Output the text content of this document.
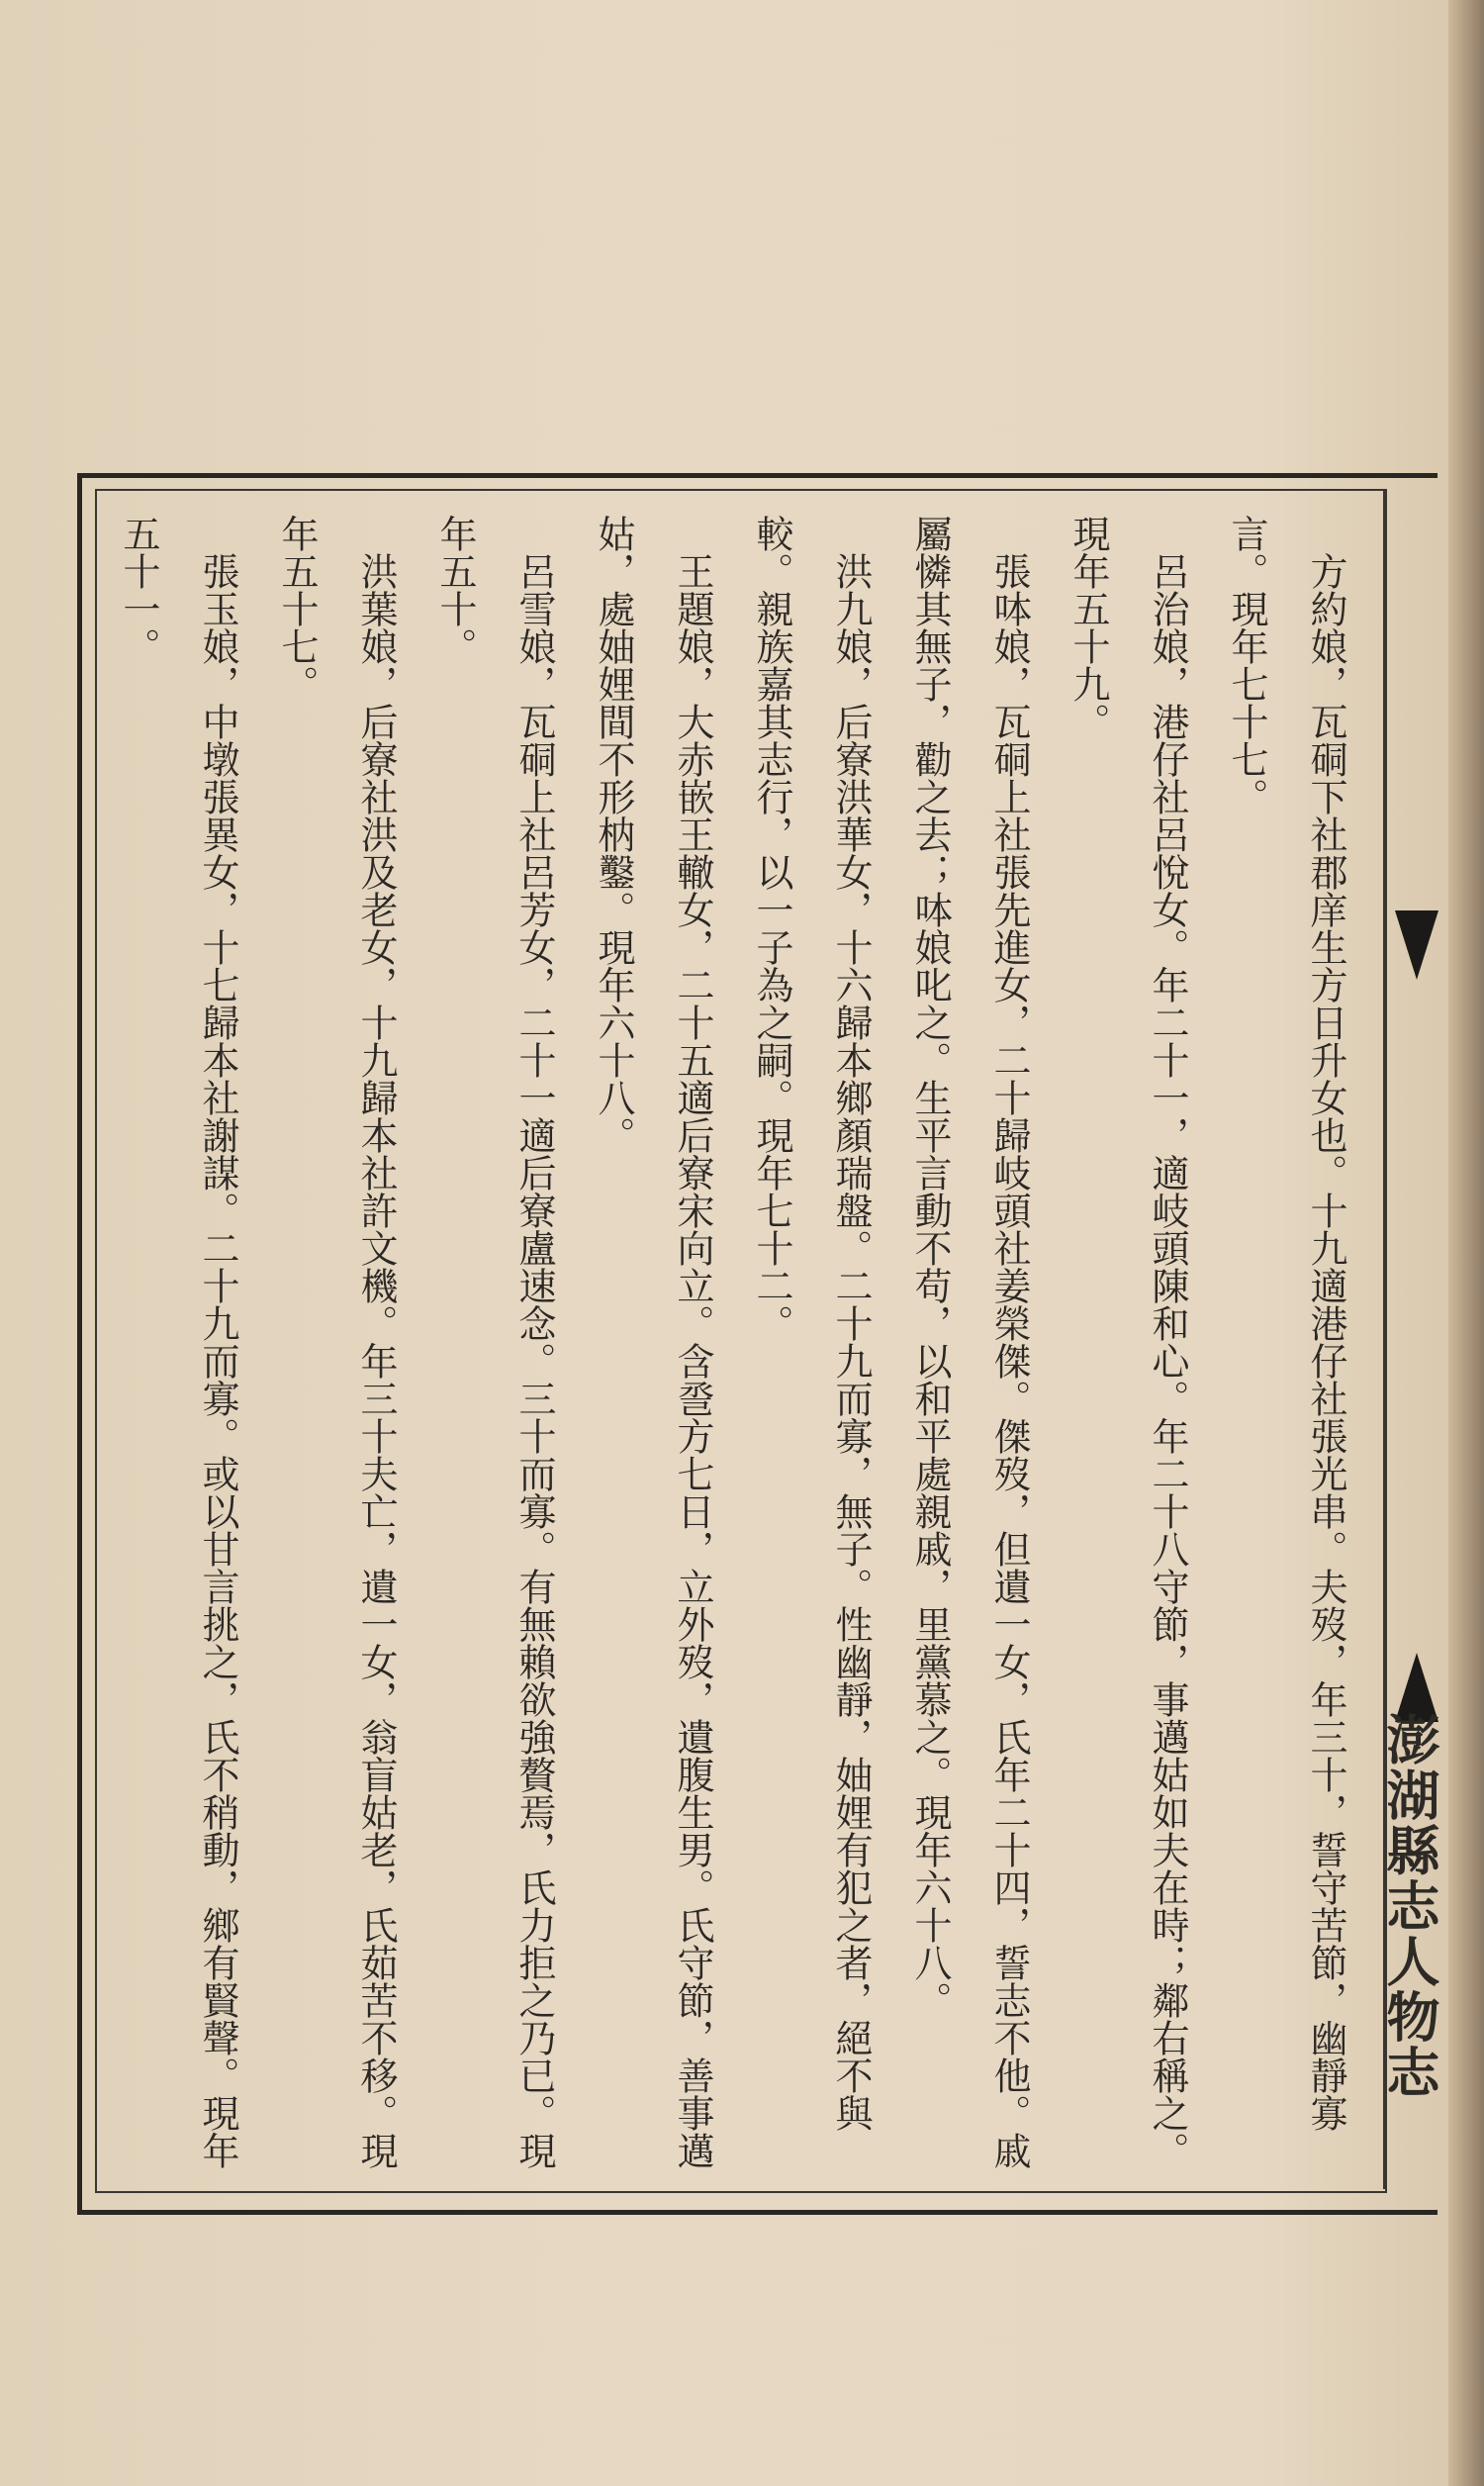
澎湖縣志人物志

方約娘，瓦硐下社郡庠生方日升女也。十九適港仔社張光串。夫歿，年三十，誓守苦節，幽靜寡言。現年七十七。

呂治娘，港仔社呂悅女。年二十一，適岐頭陳和心。年二十八守節，事邁姑如夫在時；鄰右稱之。現年五十九。

張呠娘，瓦硐上社張先進女，二十歸岐頭社姜榮傑。傑歿，但遺一女，氏年二十四，誓志不他。戚屬憐其無子，勸之去；呠娘叱之。生平言動不苟，以和平處親戚，里黨慕之。現年六十八。

洪九娘，后寮洪華女，十六歸本鄉顏瑞盤。二十九而寡，無子。性幽靜，妯娌有犯之者，絕不與較。親族嘉其志行，以一子為之嗣。現年七十二。

王題娘，大赤嵌王轍女，二十五適后寮宋向立。含巹方七日，立外歿，遺腹生男。氏守節，善事邁姑，處妯娌間不形枘鑿。現年六十八。

呂雪娘，瓦硐上社呂芳女，二十一適后寮盧速念。三十而寡。有無賴欲強贅焉，氏力拒之乃已。現年五十。

洪葉娘，后寮社洪及老女，十九歸本社許文機。年三十夫亡，遺一女，翁盲姑老，氏茹苦不移。現年五十七。

張玉娘，中墩張異女，十七歸本社謝謀。二十九而寡。或以甘言挑之，氏不稍動，鄉有賢聲。現年五十一。
